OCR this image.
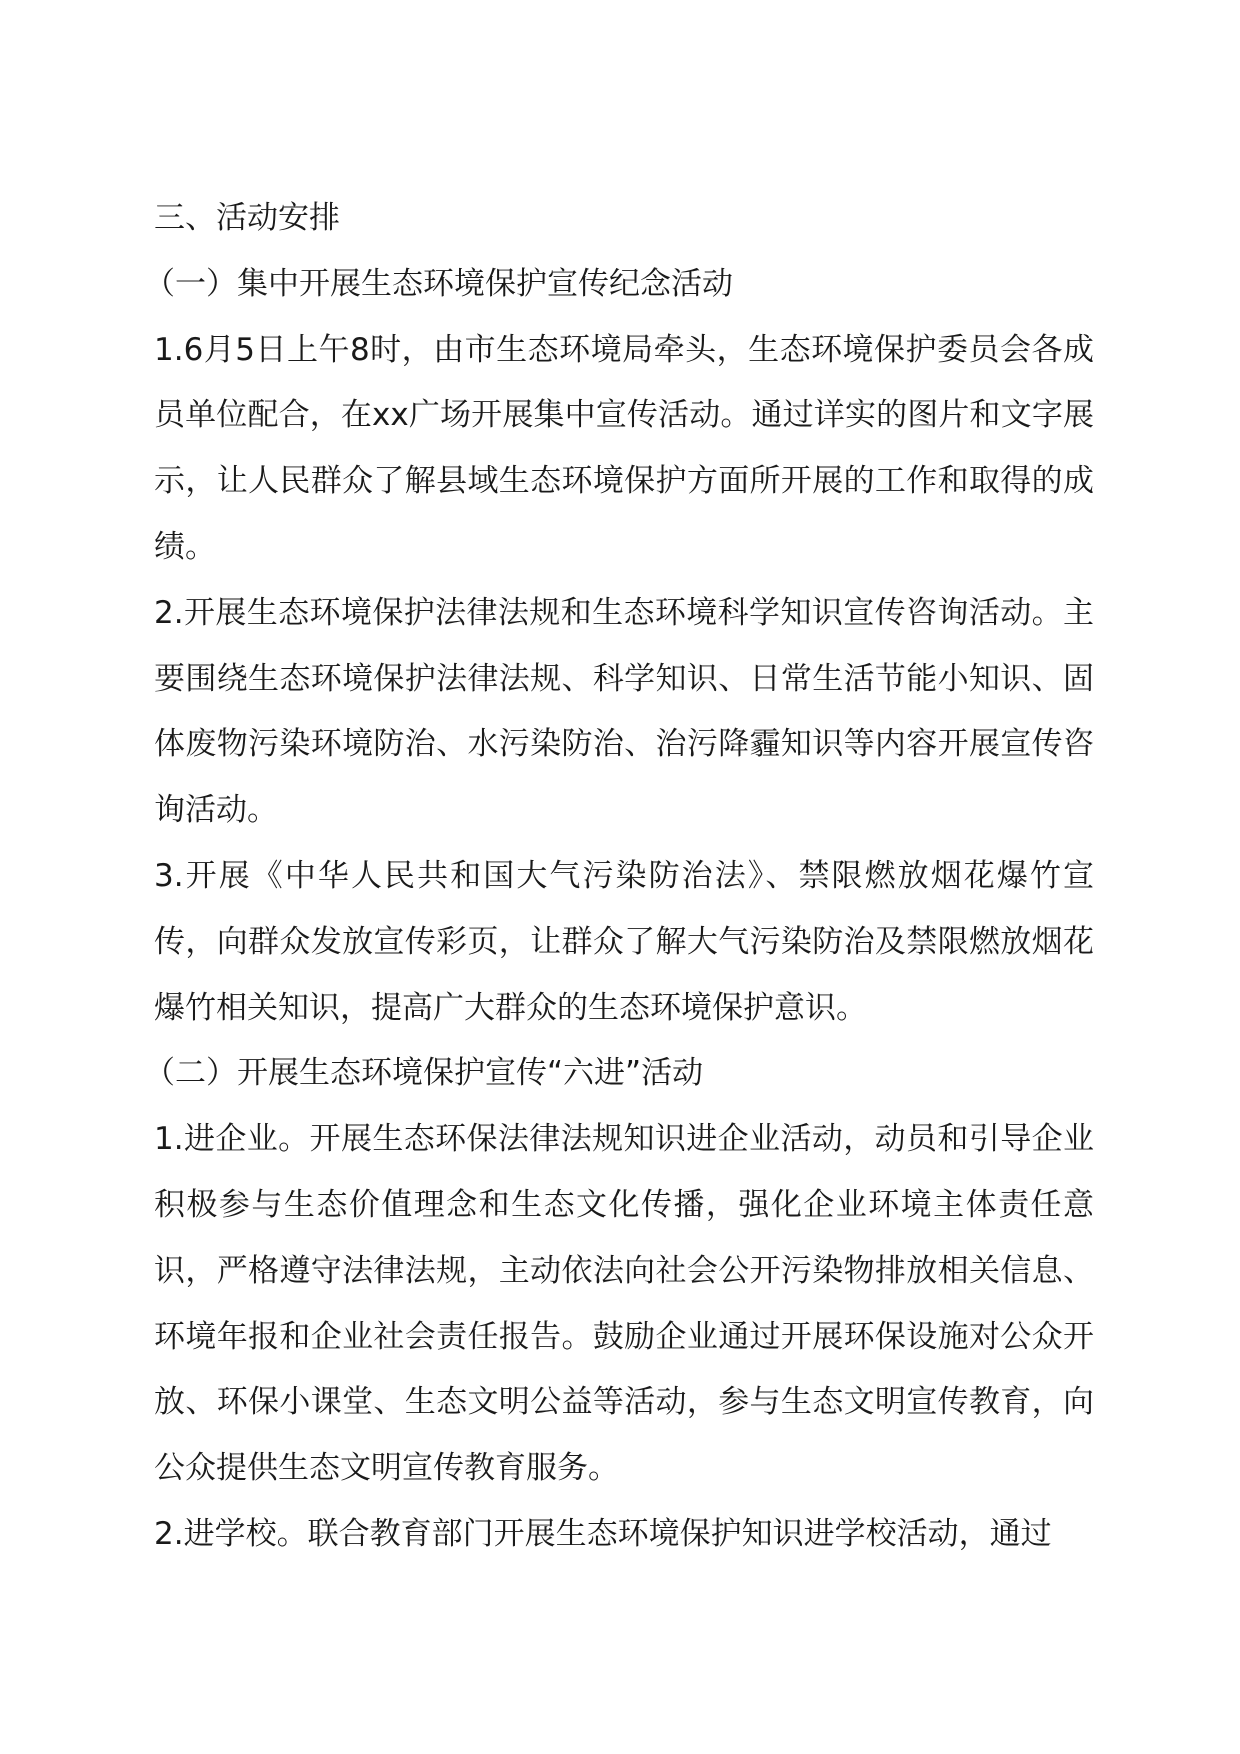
三、活动安排

（一）集中开展生态环境保护宣传纪念活动

1.6月5日上午8时，由市生态环境局牵头，生态环境保护委员会各成员单位配合，在xx广场开展集中宣传活动。通过详实的图片和文字展示，让人民群众了解县域生态环境保护方面所开展的工作和取得的成绩。

2.开展生态环境保护法律法规和生态环境科学知识宣传咨询活动。主要围绕生态环境保护法律法规、科学知识、日常生活节能小知识、固体废物污染环境防治、水污染防治、治污降霾知识等内容开展宣传咨询活动。

3.开展《中华人民共和国大气污染防治法》、禁限燃放烟花爆竹宣传，向群众发放宣传彩页，让群众了解大气污染防治及禁限燃放烟花爆竹相关知识，提高广大群众的生态环境保护意识。

（二）开展生态环境保护宣传“六进”活动

1.进企业。开展生态环保法律法规知识进企业活动，动员和引导企业积极参与生态价值理念和生态文化传播，强化企业环境主体责任意识，严格遵守法律法规，主动依法向社会公开污染物排放相关信息、环境年报和企业社会责任报告。鼓励企业通过开展环保设施对公众开放、环保小课堂、生态文明公益等活动，参与生态文明宣传教育，向公众提供生态文明宣传教育服务。

2.进学校。联合教育部门开展生态环境保护知识进学校活动，通过
